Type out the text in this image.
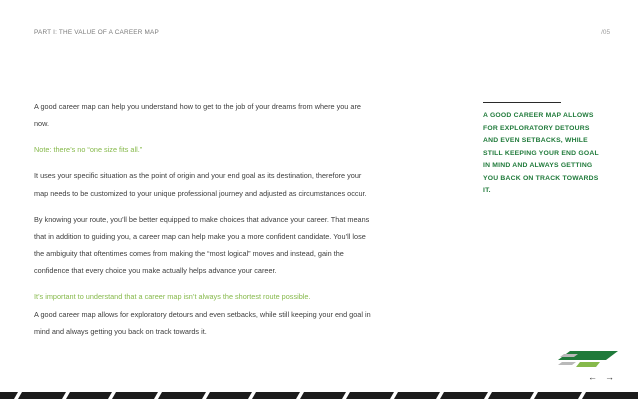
PART I: THE VALUE OF A CAREER MAP	/05

A good career map can help you understand how to get to the job of your dreams from where you are now.

Note: there’s no “one size fits all.”

It uses your specific situation as the point of origin and your end goal as its destination, therefore your map needs to be customized to your unique professional journey and adjusted as circumstances occur.

By knowing your route, you’ll be better equipped to make choices that advance your career. That means that in addition to guiding you, a career map can help make you a more confident candidate. You’ll lose the ambiguity that oftentimes comes from making the “most logical” moves and instead, gain the confidence that every choice you make actually helps advance your career.

It’s important to understand that a career map isn’t always the shortest route possible.
A good career map allows for exploratory detours and even setbacks, while still keeping your end goal in mind and always getting you back on track towards it.

A GOOD CAREER MAP ALLOWS FOR EXPLORATORY DETOURS AND EVEN SETBACKS, WHILE STILL KEEPING YOUR END GOAL IN MIND AND ALWAYS GETTING YOU BACK ON TRACK TOWARDS IT.
← →
